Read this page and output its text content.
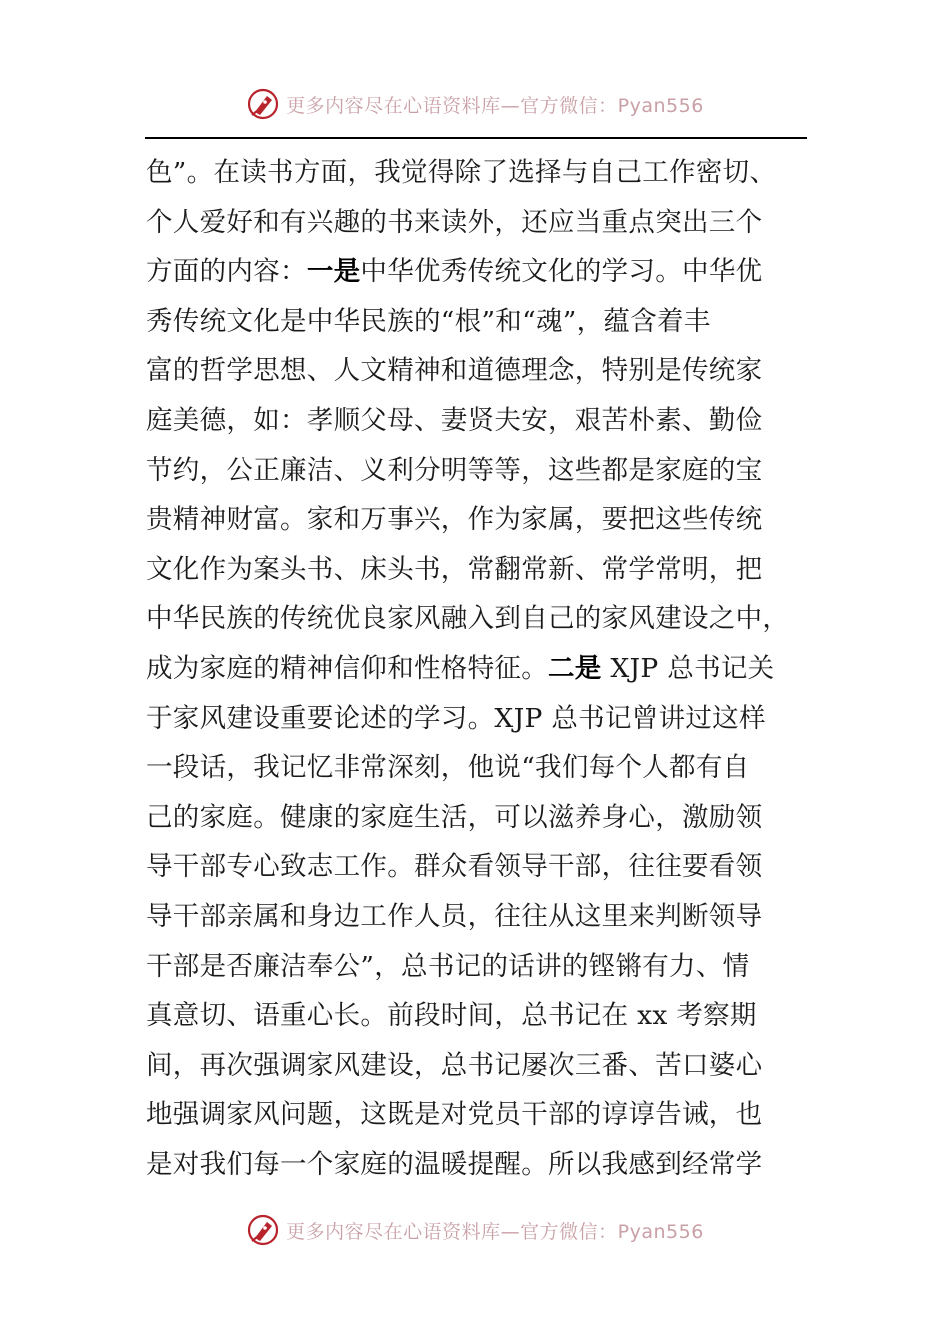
更多内容尽在心语资料库—官方微信：Pyan556
色”。在读书方面，我觉得除了选择与自己工作密切、
个人爱好和有兴趣的书来读外，还应当重点突出三个
方面的内容：一是中华优秀传统文化的学习。中华优
秀传统文化是中华民族的“根”和“魂”，蕴含着丰
富的哲学思想、人文精神和道德理念，特别是传统家
庭美德，如：孝顺父母、妻贤夫安，艰苦朴素、勤俭
节约，公正廉洁、义利分明等等，这些都是家庭的宝
贵精神财富。家和万事兴，作为家属，要把这些传统
文化作为案头书、床头书，常翻常新、常学常明，把
中华民族的传统优良家风融入到自己的家风建设之中，
成为家庭的精神信仰和性格特征。二是 XJP 总书记关
于家风建设重要论述的学习。XJP 总书记曾讲过这样
一段话，我记忆非常深刻，他说“我们每个人都有自
己的家庭。健康的家庭生活，可以滋养身心，激励领
导干部专心致志工作。群众看领导干部，往往要看领
导干部亲属和身边工作人员，往往从这里来判断领导
干部是否廉洁奉公”，总书记的话讲的铿锵有力、情
真意切、语重心长。前段时间，总书记在 xx 考察期
间，再次强调家风建设，总书记屡次三番、苦口婆心
地强调家风问题，这既是对党员干部的谆谆告诫，也
是对我们每一个家庭的温暖提醒。所以我感到经常学
更多内容尽在心语资料库—官方微信：Pyan556
